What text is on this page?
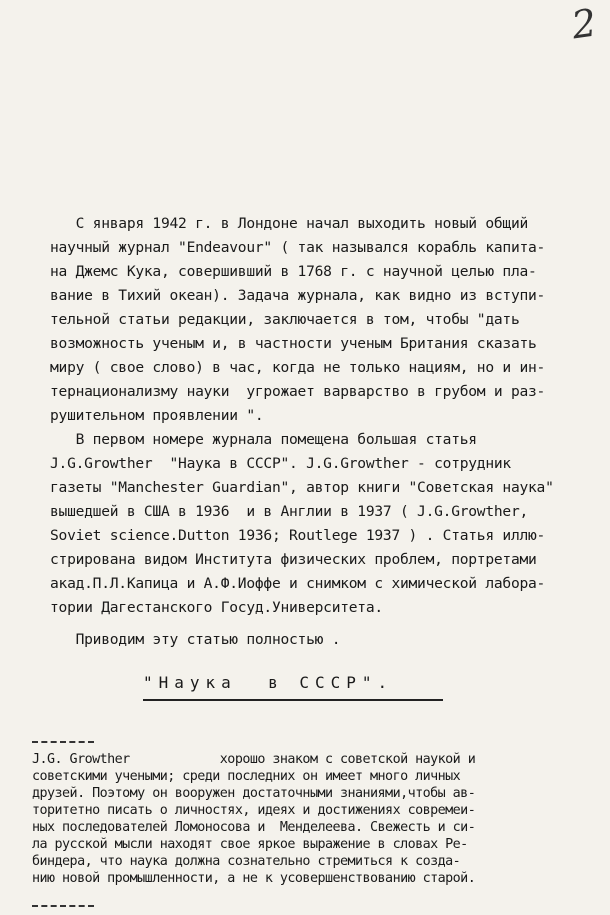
2
С января 1942 г. в Лондоне начал выходить новый общий
научный журнал "Endeavour" ( так назывался корабль капита-
на Джемс Кука, совершивший в 1768 г. с научной целью пла-
вание в Тихий океан). Задача журнала, как видно из вступи-
тельной статьи редакции, заключается в том, чтобы "дать
возможность ученым и, в частности ученым Британия сказать
миру ( свое слово) в час, когда не только нациям, но и ин-
тернационализму науки  угрожает варварство в грубом и раз-
рушительном проявлении ".
В первом номере журнала помещена большая статья
J.G.Growther  "Наука в СССР". J.G.Growther - сотрудник
газеты "Manchester Guardian", автор книги "Советская наука"
вышедшей в США в 1936  и в Англии в 1937 ( J.G.Growther,
Soviet science.Dutton 1936; Routlege 1937 ) . Статья иллю-
стрирована видом Института физических проблем, портретами
акад.П.Л.Капица и А.Ф.Иоффе и снимком с химической лабора-
тории Дагестанского Госуд.Университета.
Приводим эту статью полностью .
"Наука  в СССР".
J.G. Growther            хорошо знаком с советской наукой и
советскими учеными; среди последних он имеет много личных
друзей. Поэтому он вооружен достаточными знаниями,чтобы ав-
торитетно писать о личностях, идеях и достижениях совремеи-
ных последователей Ломоносова и  Менделеева. Свежесть и си-
ла русской мысли находят свое яркое выражение в словах Ре-
биндера, что наука должна сознательно стремиться к созда-
нию новой промышленности, а не к усовершенствованию старой.
